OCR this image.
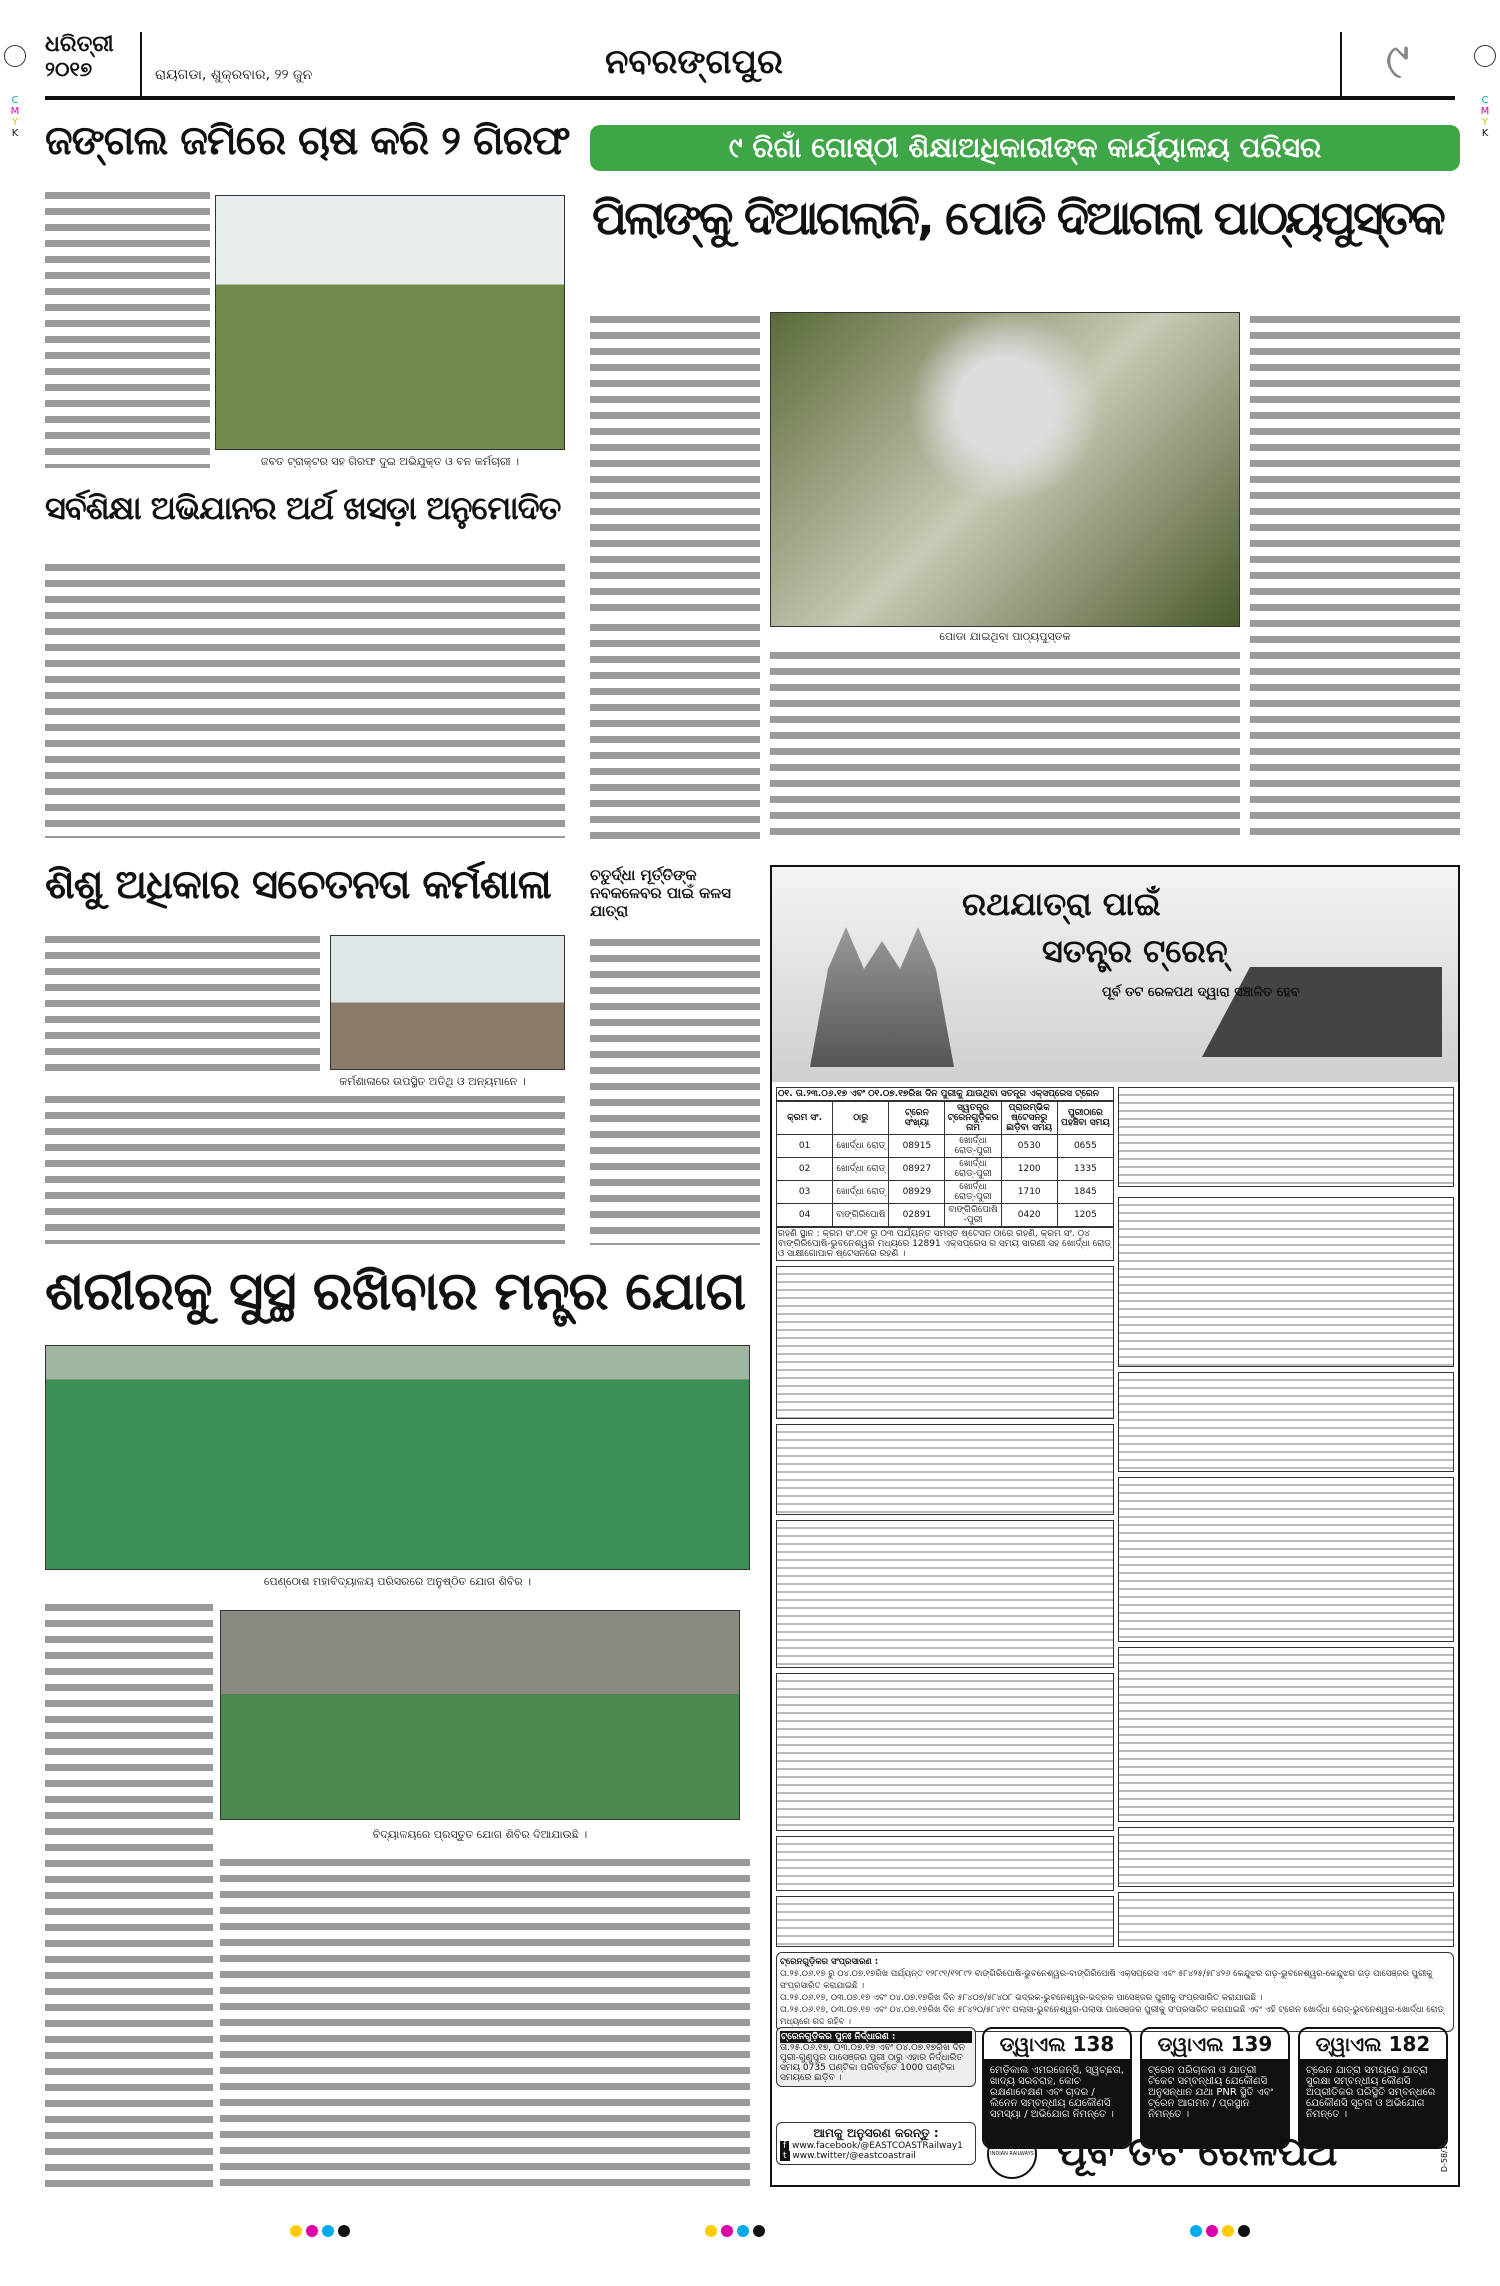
C
M
Y
K
C
M
Y
K
ଧରିତ୍ରୀ
୨୦୧୭	ରାୟଗଡା, ଶୁକ୍ରବାର, ୨୨ ଜୁନ	ନବରଙ୍ଗପୁର	୯
ଜଙ୍ଗଲ ଜମିରେ ଚାଷ କରି ୨ ଗିରଫ	୯ ରିଗାଁ ଗୋଷ୍ଠୀ ଶିକ୍ଷାଅଧିକାରୀଙ୍କ କାର୍ଯ୍ୟାଳୟ ପରିସର
ଜବତ ଟ୍ରାକ୍ଟର ସହ ଗିରଫ ଦୁଇ ଅଭିଯୁକ୍ତ ଓ ବନ କର୍ମଚାରୀ ।
ପିଲାଙ୍କୁ ଦିଆଗଲାନି, ପୋଡି ଦିଆଗଲା ପାଠ୍ୟପୁସ୍ତକ
ପୋଡା ଯାଇଥିବା ପାଠ୍ୟପୁସ୍ତକ
ସର୍ବଶିକ୍ଷା ଅଭିଯାନର ଅର୍ଥ ଖସଡ଼ା ଅନୁମୋଦିତ
ଶିଶୁ ଅଧିକାର ସଚେତନତା କର୍ମଶାଳା
କର୍ମଶାଳାରେ ଉପସ୍ଥିତ ଅତିଥି ଓ ଅନ୍ୟମାନେ ।
ଚତୁର୍ଦ୍ଧା ମୂର୍ତ୍ତିଙ୍କ ନବକଳେବର ପାଇଁ କଳସ ଯାତ୍ରା
ଶରୀରକୁ ସୁସ୍ଥ ରଖିବାର ମନ୍ତ୍ର ଯୋଗ
ପେଣ୍ଠୋଶ ମହାବିଦ୍ୟାଳୟ ପରିସରରେ ଅନୁଷ୍ଠିତ ଯୋଗ ଶିବିର ।
ବିଦ୍ୟାଳୟରେ ପ୍ରସ୍ତୁତ ଯୋଗ ଶିବିର ଦିଆଯାଉଛି ।
ରଥଯାତ୍ରା ପାଇଁ
ସତନ୍ତ୍ର ଟ୍ରେନ୍
ପୂର୍ବ ତଟ ରେଳପଥ ଦ୍ୱାରା ସଞ୍ଚାଳିତ ହେବ
୦୧. ତା.୨୩.୦୬.୧୭ ଏବଂ ୦୧.୦୭.୧୭ରିଖ ଦିନ ପୁରୀକୁ ଯାଉଥିବା ସତନ୍ତ୍ର ଏକ୍ସପ୍ରେସ ଟ୍ରେନ
କ୍ରମ ସଂ.	ଠାରୁ	ଟ୍ରେନ ସଂଖ୍ୟା	ସ୍ୱତନ୍ତ୍ର ଟ୍ରେନଗୁଡ଼ିକର ନାମ	ପ୍ରାରମ୍ଭିକ ଷ୍ଟେସନରୁ ଛାଡ଼ିବା ସମୟ	ପୁରୀଠାରେ ପହଞ୍ଚିବା ସମୟ
01	ଖୋର୍ଦ୍ଧା ରୋଡ୍	08915	ଖୋର୍ଦ୍ଧା ରୋଡ୍-ପୁରୀ	0530	0655
02	ଖୋର୍ଦ୍ଧା ରୋଡ୍	08927	ଖୋର୍ଦ୍ଧା ରୋଡ୍-ପୁରୀ	1200	1335
03	ଖୋର୍ଦ୍ଧା ରୋଡ୍	08929	ଖୋର୍ଦ୍ଧା ରୋଡ୍-ପୁରୀ	1710	1845
04	ବାଙ୍ଗିରିପୋଷି	02891	ବାଙ୍ଗିରିପୋଷି-ପୁରୀ	0420	1205
ରହଣି ସ୍ଥାନ : କ୍ରମ ସଂ.୦୧ ରୁ ୦୩ ପର୍ଯ୍ୟନ୍ତ ସମସ୍ତ ଷ୍ଟେସନ ଠାରେ ରହଣି, କ୍ରମ ସଂ. ୦୪ ବାଙ୍ଗିରିପୋଷି-ଭୁବନେଶ୍ୱର ମଧ୍ୟରେ 12891 ଏକ୍ସପ୍ରେସ ର ସମୟ ସାରଣୀ ସହ ଖୋର୍ଦ୍ଧା ରୋଡ୍ ଓ ସାକ୍ଷୀଗୋପାଳ ଷ୍ଟେସନରେ ରହଣି ।
ଟ୍ରେନଗୁଡ଼ିକର ସଂପ୍ରସାରଣ :
ତା.୨୫.୦୬.୧୭ ରୁ ୦୪.୦୭.୧୭ରିଖ ପର୍ଯ୍ୟନ୍ତ ୧୨୮୯୧/୧୨୮୯୨ ବାଙ୍ଗିରିପୋଷି-ଭୁବନେଶ୍ୱର-ବାଙ୍ଗିରିପୋଷି ଏକ୍ସପ୍ରେସ ଏବଂ ୫୮୪୨୫/୫୮୪୨୬ କେନ୍ଦୁଝର ଗଡ଼-ଭୁବନେଶ୍ୱର-କେନ୍ଦୁଝର ଗଡ଼ ପାସେଞ୍ଜର ପୁରୀକୁ ସଂପ୍ରସାରିତ କରାଯାଇଛି ।
ତା.୨୫.୦୬.୧୭, ୦୩.୦୭.୧୭ ଏବଂ ୦୪.୦୭.୧୭ରିଖ ଦିନ ୫୮୪୦୭/୫୮୪୦୮ ଭଦ୍ରକ-ଭୁବନେଶ୍ୱର-ଭଦ୍ରକ ପାସେଞ୍ଜର ପୁରୀକୁ ସଂପ୍ରସାରିତ କରାଯାଇଛି ।
ତା.୨୫.୦୬.୧୭, ୦୩.୦୭.୧୭ ଏବଂ ୦୪.୦୭.୧୭ରିଖ ଦିନ ୫୮୪୨୦/୫୮୪୧୯ ପଲାସା-ଭୁବନେଶ୍ୱର-ପଲାସା ପାସେଞ୍ଜର ପୁରୀକୁ ସଂପ୍ରସାରିତ କରାଯାଇଛି ଏବଂ ଏହି ଟ୍ରେନ ଖୋର୍ଦ୍ଧା ରୋଡ୍-ଭୁବନେଶ୍ୱର-ଖୋର୍ଦ୍ଧା ରୋଡ୍ ମଧ୍ୟରେ ରଦ୍ଦ ରହିବ ।
ଟ୍ରେନଗୁଡ଼ିକର ପୁନଃ ନିର୍ଦ୍ଧାରଣ :
ତା.୨୫.୦୬.୧୭, ୦୩.୦୭.୧୭ ଏବଂ ୦୪.୦୭.୧୭ରିଖ ଦିନ ପୁରୀ-ଗୁଣୁପୁର ପାସେଞ୍ଜର ପୁରୀ ଠାରୁ ଏହାର ନିର୍ଦ୍ଧାରିତ ସମୟ 0735 ଘଣ୍ଟିକା ପରିବର୍ତ୍ତେ 1000 ଘଣ୍ଟିକା ସମୟରେ ଛାଡ଼ିବ ।
ଡ୍ୱାଏଲ 138
ମେଡ଼ିକାଲ ଏମରଜେନ୍ସି, ସ୍ୱଚ୍ଛତା, ଖାଦ୍ୟ ସରବରାହ, କୋଚ ରକ୍ଷଣାବେକ୍ଷଣ ଏବଂ ଚାଦର / ଲିନେନ ସମ୍ବନ୍ଧୀୟ ଯେକୌଣସି ସମସ୍ୟା / ଅଭିଯୋଗ ନିମନ୍ତେ ।
ଡ୍ୱାଏଲ 139
ଟ୍ରେନ ପରିଚାଳନା ଓ ଯାତ୍ରୀ ଟିକେଟ ସମ୍ବନ୍ଧୀୟ ଯେକୌଣସି ଅନୁସନ୍ଧାନ ଯଥା PNR ସ୍ଥିତି ଏବଂ ଟ୍ରେନ ଆଗମନ / ପ୍ରସ୍ଥାନ ନିମନ୍ତେ ।
ଡ୍ୱାଏଲ 182
ଟ୍ରେନ ଯାତ୍ରା ସମୟରେ ଯାତ୍ରା ସୁରକ୍ଷା ସମ୍ବନ୍ଧୀୟ କୌଣସି ଅପ୍ରୀତିକର ପରିସ୍ଥିତି ସମ୍ବନ୍ଧରେ ଯେକୌଣସି ସୂଚନା ଓ ଅଭିଯୋଗ ନିମନ୍ତେ ।
ଆମକୁ ଅନୁସରଣ କରନ୍ତୁ :
f www.facebook/@EASTCOASTRailway1
t www.twitter/@eastcoastrail	INDIAN RAILWAYS ପୂର୍ବ ତଟ ରେଳପଥ	D-58/17-18
